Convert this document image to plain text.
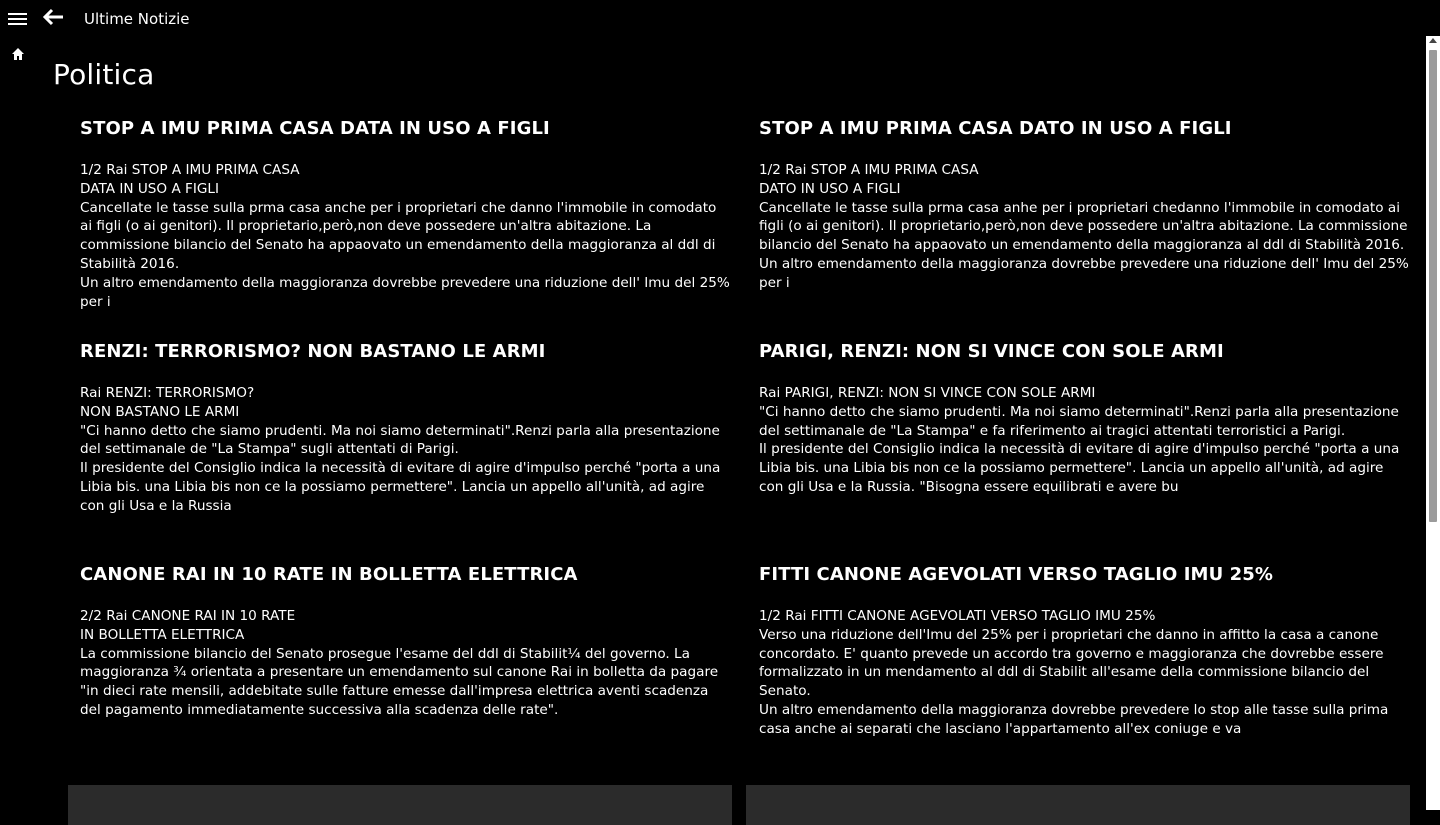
Ultime Notizie
Politica
STOP A IMU PRIMA CASA DATA IN USO A FIGLI
1/2 Rai STOP A IMU PRIMA CASA
DATA IN USO A FIGLI
Cancellate le tasse sulla prma casa anche per i proprietari che danno l'immobile in comodato ai figli (o ai genitori). Il proprietario,però,non deve possedere un'altra abitazione. La commissione bilancio del Senato ha appaovato un emendamento della maggioranza al ddl di Stabilità 2016.
Un altro emendamento della maggioranza dovrebbe prevedere una riduzione dell' Imu del 25% per i
STOP A IMU PRIMA CASA DATO IN USO A FIGLI
1/2 Rai STOP A IMU PRIMA CASA
DATO IN USO A FIGLI
Cancellate le tasse sulla prma casa anhe per i proprietari chedanno l'immobile in comodato ai figli (o ai genitori). Il proprietario,però,non deve possedere un'altra abitazione. La commissione bilancio del Senato ha appaovato un emendamento della maggioranza al ddl di Stabilità 2016.
Un altro emendamento della maggioranza dovrebbe prevedere una riduzione dell' Imu del 25% per i
RENZI: TERRORISMO? NON BASTANO LE ARMI
Rai RENZI: TERRORISMO?
NON BASTANO LE ARMI
"Ci hanno detto che siamo prudenti. Ma noi siamo determinati".Renzi parla alla presentazione del settimanale de "La Stampa" sugli attentati di Parigi.
Il presidente del Consiglio indica la necessità di evitare di agire d'impulso perché "porta a una Libia bis. una Libia bis non ce la possiamo permettere". Lancia un appello all'unità, ad agire con gli Usa e la Russia
PARIGI, RENZI: NON SI VINCE CON SOLE ARMI
Rai PARIGI, RENZI: NON SI VINCE CON SOLE ARMI
"Ci hanno detto che siamo prudenti. Ma noi siamo determinati".Renzi parla alla presentazione del settimanale de "La Stampa" e fa riferimento ai tragici attentati terroristici a Parigi.
Il presidente del Consiglio indica la necessità di evitare di agire d'impulso perché "porta a una Libia bis. una Libia bis non ce la possiamo permettere". Lancia un appello all'unità, ad agire con gli Usa e la Russia. "Bisogna essere equilibrati e avere bu
CANONE RAI IN 10 RATE IN BOLLETTA ELETTRICA
2/2 Rai CANONE RAI IN 10 RATE
IN BOLLETTA ELETTRICA
La commissione bilancio del Senato prosegue l'esame del ddl di Stabilit¼ del governo. La maggioranza ¾ orientata a presentare un emendamento sul canone Rai in bolletta da pagare "in dieci rate mensili, addebitate sulle fatture emesse dall'impresa elettrica aventi scadenza del pagamento immediatamente successiva alla scadenza delle rate".
FITTI CANONE AGEVOLATI VERSO TAGLIO IMU 25%
1/2 Rai FITTI CANONE AGEVOLATI VERSO TAGLIO IMU 25%
Verso una riduzione dell'Imu del 25% per i proprietari che danno in affitto la casa a canone concordato. E' quanto prevede un accordo tra governo e maggioranza che dovrebbe essere formalizzato in un mendamento al ddl di Stabilit all'esame della commissione bilancio del Senato.
Un altro emendamento della maggioranza dovrebbe prevedere lo stop alle tasse sulla prima casa anche ai separati che lasciano l'appartamento all'ex coniuge e va
